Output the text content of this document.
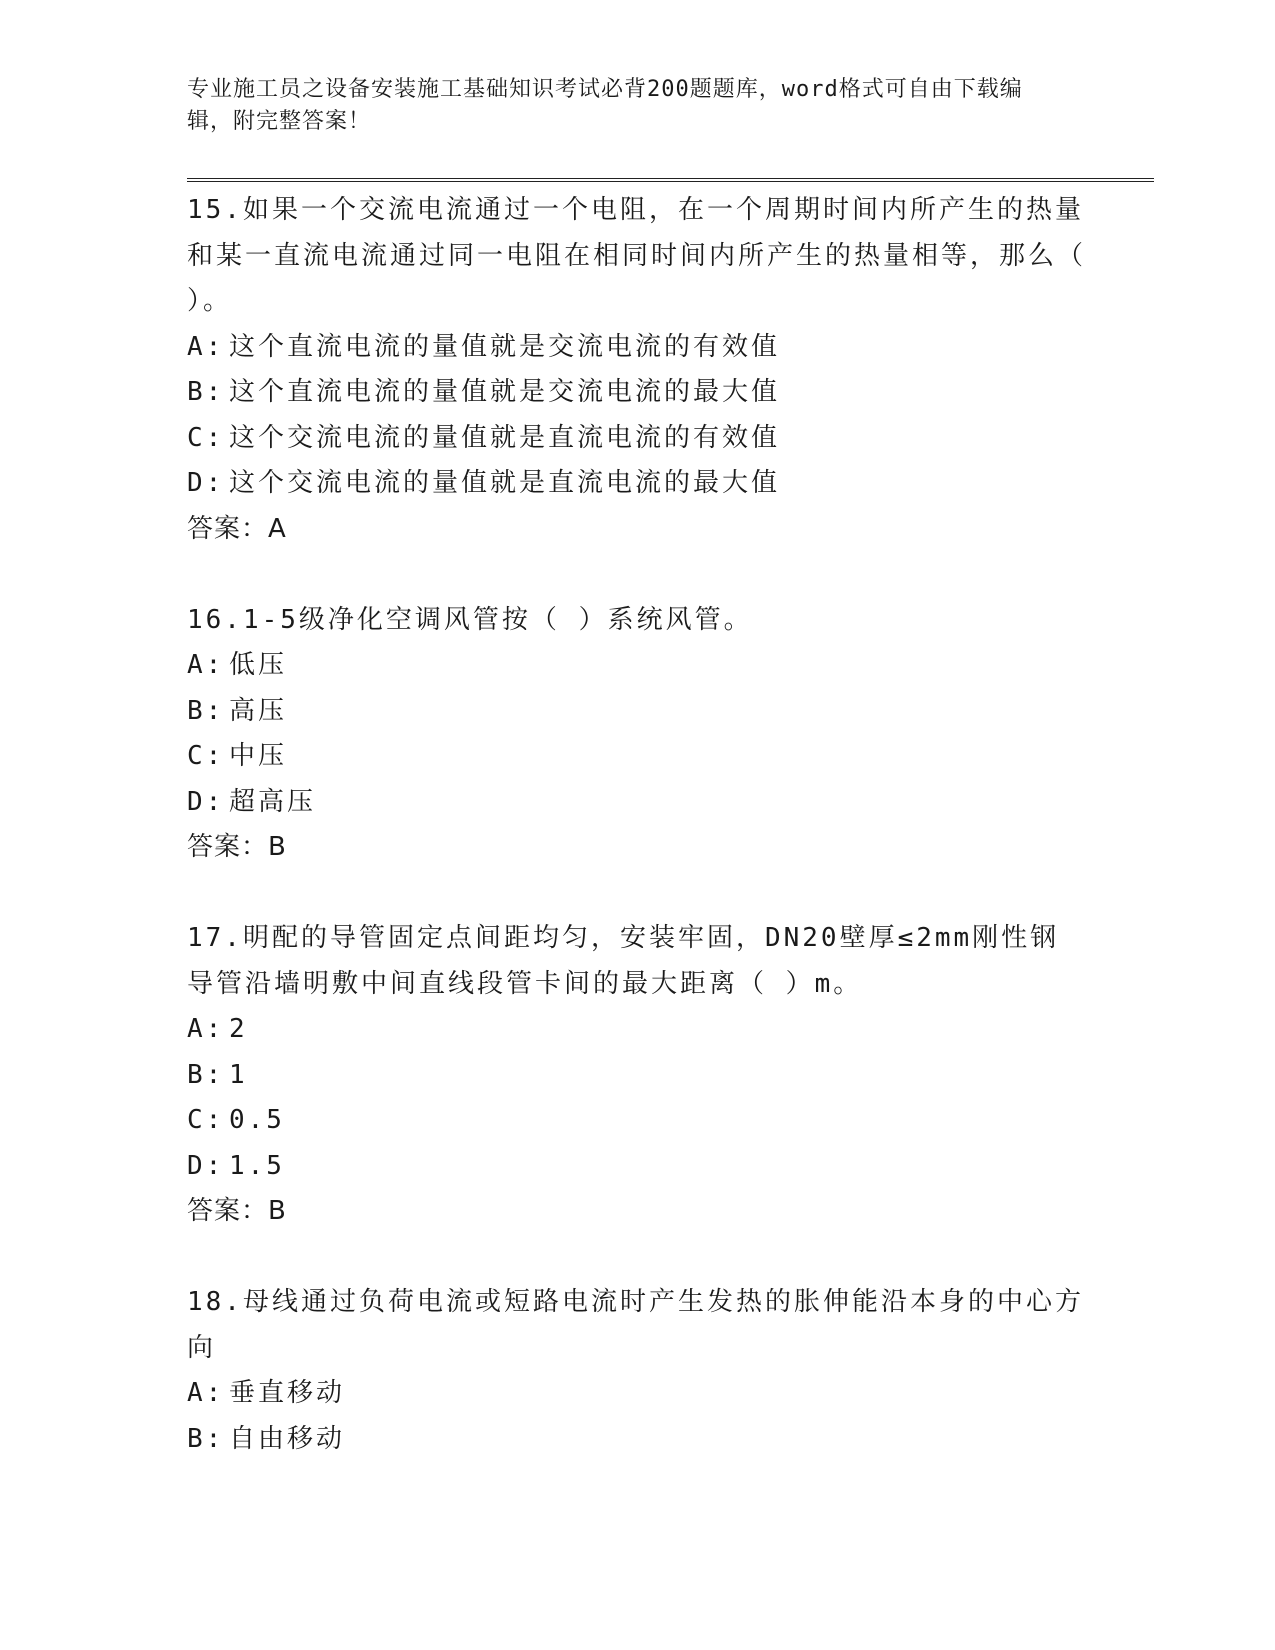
专业施工员之设备安装施工基础知识考试必背200题题库，word格式可自由下载编辑，附完整答案！
15.如果一个交流电流通过一个电阻，在一个周期时间内所产生的热量和某一直流电流通过同一电阻在相同时间内所产生的热量相等，那么（ ）。
A: 这个直流电流的量值就是交流电流的有效值
B: 这个直流电流的量值就是交流电流的最大值
C: 这个交流电流的量值就是直流电流的有效值
D: 这个交流电流的量值就是直流电流的最大值
答案：A
16.1-5级净化空调风管按（ ）系统风管。
A: 低压
B: 高压
C: 中压
D: 超高压
答案：B
17.明配的导管固定点间距均匀，安装牢固，DN20壁厚≤2mm刚性钢导管沿墙明敷中间直线段管卡间的最大距离（ ）m。
A: 2
B: 1
C: 0.5
D: 1.5
答案：B
18.母线通过负荷电流或短路电流时产生发热的胀伸能沿本身的中心方向
A: 垂直移动
B: 自由移动
